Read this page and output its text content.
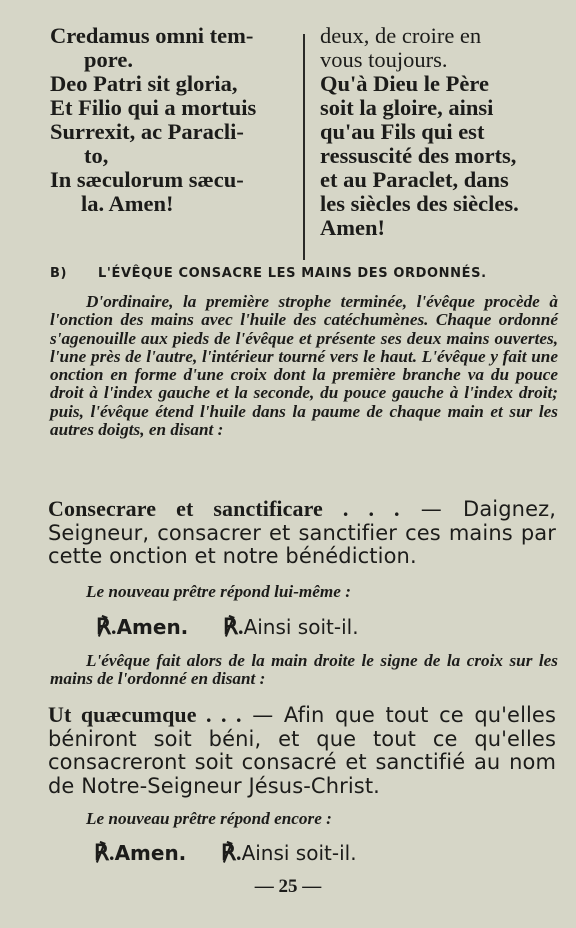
Credamus omni tem-
pore.
Deo Patri sit gloria,
Et Filio qui a mortuis
Surrexit, ac Paracli-
to,
In sæculorum sæcu-
la. Amen!
deux, de croire en
vous toujours.
Qu'à Dieu le Père
soit la gloire, ainsi
qu'au Fils qui est
ressuscité des morts,
et au Paraclet, dans
les siècles des siècles.
Amen!
B)	L'ÉVÊQUE CONSACRE LES MAINS DES ORDONNÉS.
D'ordinaire, la première strophe terminée, l'évêque procède à l'onction des mains avec l'huile des catéchumènes. Chaque ordonné s'agenouille aux pieds de l'évêque et présente ses deux mains ouvertes, l'une près de l'autre, l'intérieur tourné vers le haut. L'évêque y fait une onction en forme d'une croix dont la première branche va du pouce droit à l'index gauche et la seconde, du pouce gauche à l'index droit; puis, l'évêque étend l'huile dans la paume de chaque main et sur les autres doigts, en disant :
Consecrare et sanctificare . . . — Daignez, Seigneur, consacrer et sanctifier ces mains par cette onction et notre bénédiction.
Le nouveau prêtre répond lui-même :
℟.Amen. ℟.Ainsi soit-il.
L'évêque fait alors de la main droite le signe de la croix sur les mains de l'ordonné en disant :
Ut quæcumque . . . — Afin que tout ce qu'elles béniront soit béni, et que tout ce qu'elles consacreront soit consacré et sanctifié au nom de Notre-Seigneur Jésus-Christ.
Le nouveau prêtre répond encore :
℟.Amen. ℟.Ainsi soit-il.
— 25 —
